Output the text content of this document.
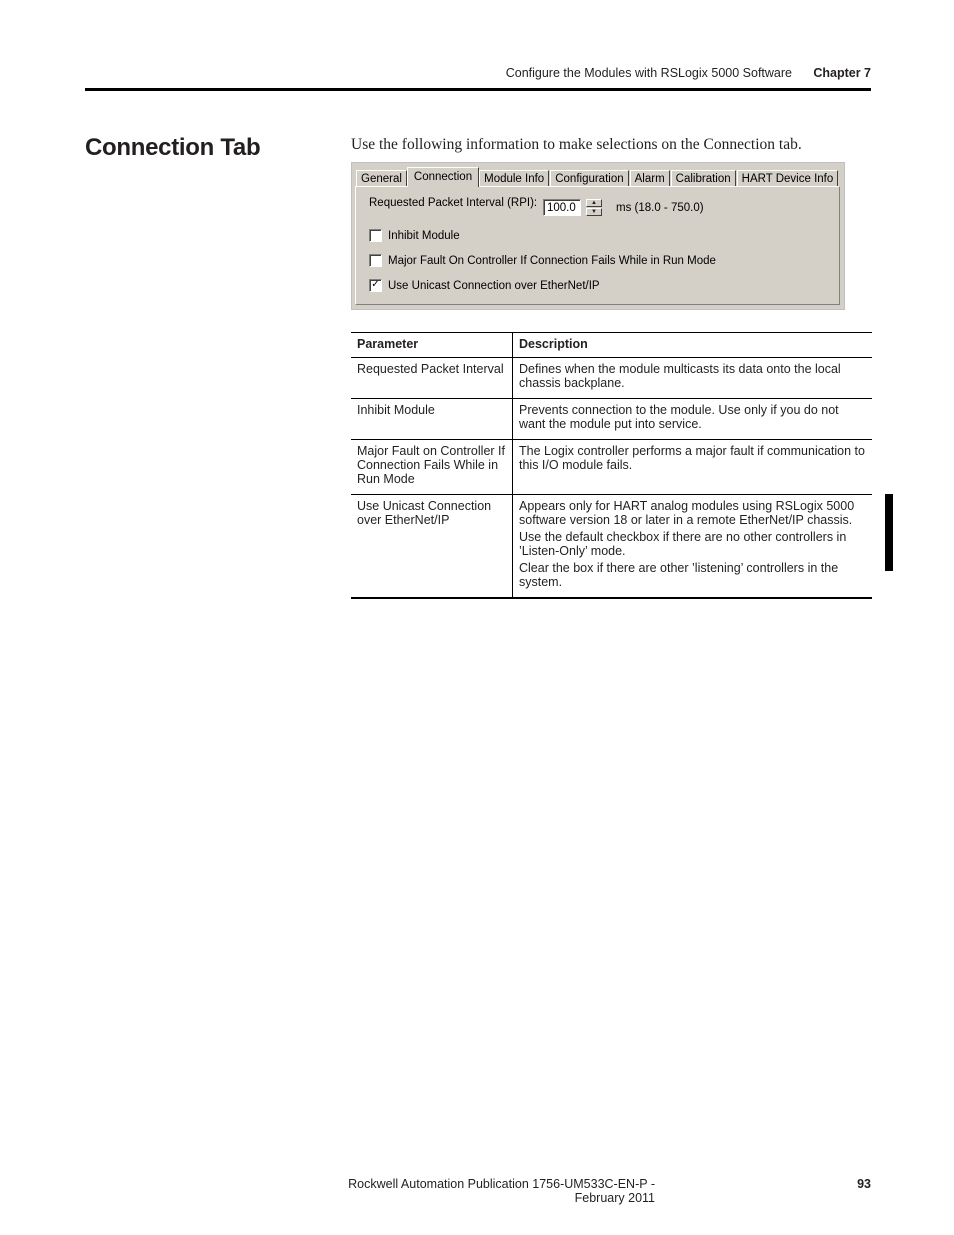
Configure the Modules with RSLogix 5000 Software	Chapter 7
Connection Tab	Use the following information to make selections on the Connection tab.
General	Connection	Module Info Configuration Alarm Calibration HART Device Info
Requested Packet Interval (RPI):
100.0	▲
▼	ms (18.0 - 750.0)
Inhibit Module
Major Fault On Controller If Connection Fails While in Run Mode
✓ Use Unicast Connection over EtherNet/IP
Parameter	Description
Requested Packet Interval	Defines when the module multicasts its data onto the local chassis backplane.

Inhibit Module	Prevents connection to the module. Use only if you do not want the module put into service.

Major Fault on Controller If Connection Fails While in Run Mode	The Logix controller performs a major fault if communication to this I/O module fails.

Use Unicast Connection over EtherNet/IP	Appears only for HART analog modules using RSLogix 5000 software version 18 or later in a remote EtherNet/IP chassis.

Use the default checkbox if there are no other controllers in ’Listen-Only’ mode.

Clear the box if there are other ’listening’ controllers in the system.

Rockwell Automation Publication 1756-UM533C-EN-P - February 2011
93
